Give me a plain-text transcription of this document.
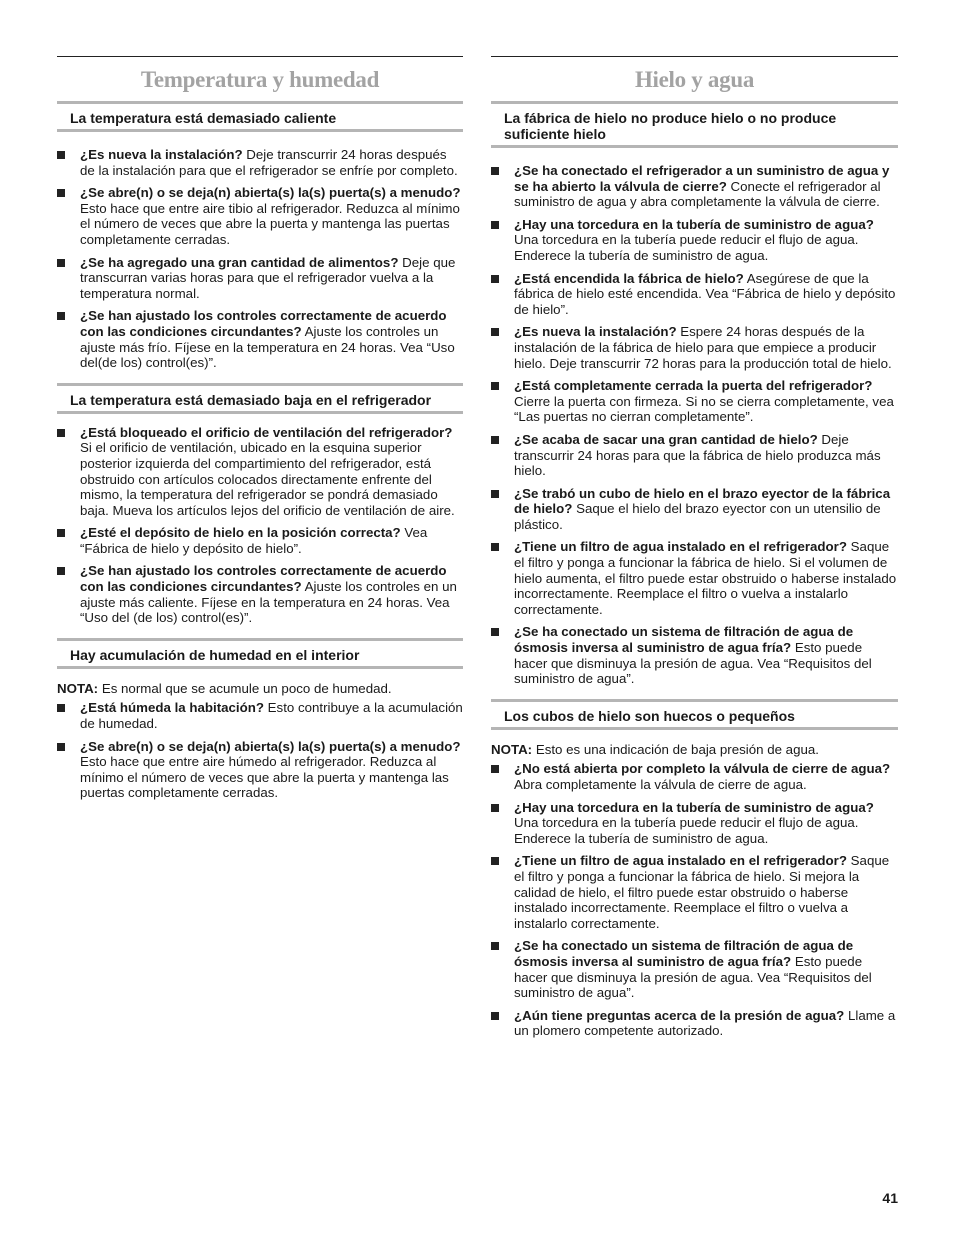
Temperatura y humedad
La temperatura está demasiado caliente
¿Es nueva la instalación? Deje transcurrir 24 horas después de la instalación para que el refrigerador se enfríe por completo.
¿Se abre(n) o se deja(n) abierta(s) la(s) puerta(s) a menudo? Esto hace que entre aire tibio al refrigerador. Reduzca al mínimo el número de veces que abre la puerta y mantenga las puertas completamente cerradas.
¿Se ha agregado una gran cantidad de alimentos? Deje que transcurran varias horas para que el refrigerador vuelva a la temperatura normal.
¿Se han ajustado los controles correctamente de acuerdo con las condiciones circundantes? Ajuste los controles un ajuste más frío. Fíjese en la temperatura en 24 horas. Vea “Uso del(de los) control(es)”.
La temperatura está demasiado baja en el refrigerador
¿Está bloqueado el orificio de ventilación del refrigerador? Si el orificio de ventilación, ubicado en la esquina superior posterior izquierda del compartimiento del refrigerador, está obstruido con artículos colocados directamente enfrente del mismo, la temperatura del refrigerador se pondrá demasiado baja. Mueva los artículos lejos del orificio de ventilación de aire.
¿Esté el depósito de hielo en la posición correcta? Vea “Fábrica de hielo y depósito de hielo”.
¿Se han ajustado los controles correctamente de acuerdo con las condiciones circundantes? Ajuste los controles en un ajuste más caliente. Fíjese en la temperatura en 24 horas. Vea “Uso del (de los) control(es)”.
Hay acumulación de humedad en el interior

NOTA: Es normal que se acumule un poco de humedad.

¿Está húmeda la habitación? Esto contribuye a la acumulación de humedad.
¿Se abre(n) o se deja(n) abierta(s) la(s) puerta(s) a menudo? Esto hace que entre aire húmedo al refrigerador. Reduzca al mínimo el número de veces que abre la puerta y mantenga las puertas completamente cerradas.
Hielo y agua
La fábrica de hielo no produce hielo o no produce suficiente hielo
¿Se ha conectado el refrigerador a un suministro de agua y se ha abierto la válvula de cierre? Conecte el refrigerador al suministro de agua y abra completamente la válvula de cierre.
¿Hay una torcedura en la tubería de suministro de agua? Una torcedura en la tubería puede reducir el flujo de agua. Enderece la tubería de suministro de agua.
¿Está encendida la fábrica de hielo? Asegúrese de que la fábrica de hielo esté encendida. Vea “Fábrica de hielo y depósito de hielo”.
¿Es nueva la instalación? Espere 24 horas después de la instalación de la fábrica de hielo para que empiece a producir hielo. Deje transcurrir 72 horas para la producción total de hielo.
¿Está completamente cerrada la puerta del refrigerador? Cierre la puerta con firmeza. Si no se cierra completamente, vea “Las puertas no cierran completamente”.
¿Se acaba de sacar una gran cantidad de hielo? Deje transcurrir 24 horas para que la fábrica de hielo produzca más hielo.
¿Se trabó un cubo de hielo en el brazo eyector de la fábrica de hielo? Saque el hielo del brazo eyector con un utensilio de plástico.
¿Tiene un filtro de agua instalado en el refrigerador? Saque el filtro y ponga a funcionar la fábrica de hielo. Si el volumen de hielo aumenta, el filtro puede estar obstruido o haberse instalado incorrectamente. Reemplace el filtro o vuelva a instalarlo correctamente.
¿Se ha conectado un sistema de filtración de agua de ósmosis inversa al suministro de agua fría? Esto puede hacer que disminuya la presión de agua. Vea “Requisitos del suministro de agua”.
Los cubos de hielo son huecos o pequeños

NOTA: Esto es una indicación de baja presión de agua.

¿No está abierta por completo la válvula de cierre de agua? Abra completamente la válvula de cierre de agua.
¿Hay una torcedura en la tubería de suministro de agua? Una torcedura en la tubería puede reducir el flujo de agua. Enderece la tubería de suministro de agua.
¿Tiene un filtro de agua instalado en el refrigerador? Saque el filtro y ponga a funcionar la fábrica de hielo. Si mejora la calidad de hielo, el filtro puede estar obstruido o haberse instalado incorrectamente. Reemplace el filtro o vuelva a instalarlo correctamente.
¿Se ha conectado un sistema de filtración de agua de ósmosis inversa al suministro de agua fría? Esto puede hacer que disminuya la presión de agua. Vea “Requisitos del suministro de agua”.
¿Aún tiene preguntas acerca de la presión de agua? Llame a un plomero competente autorizado.
41
